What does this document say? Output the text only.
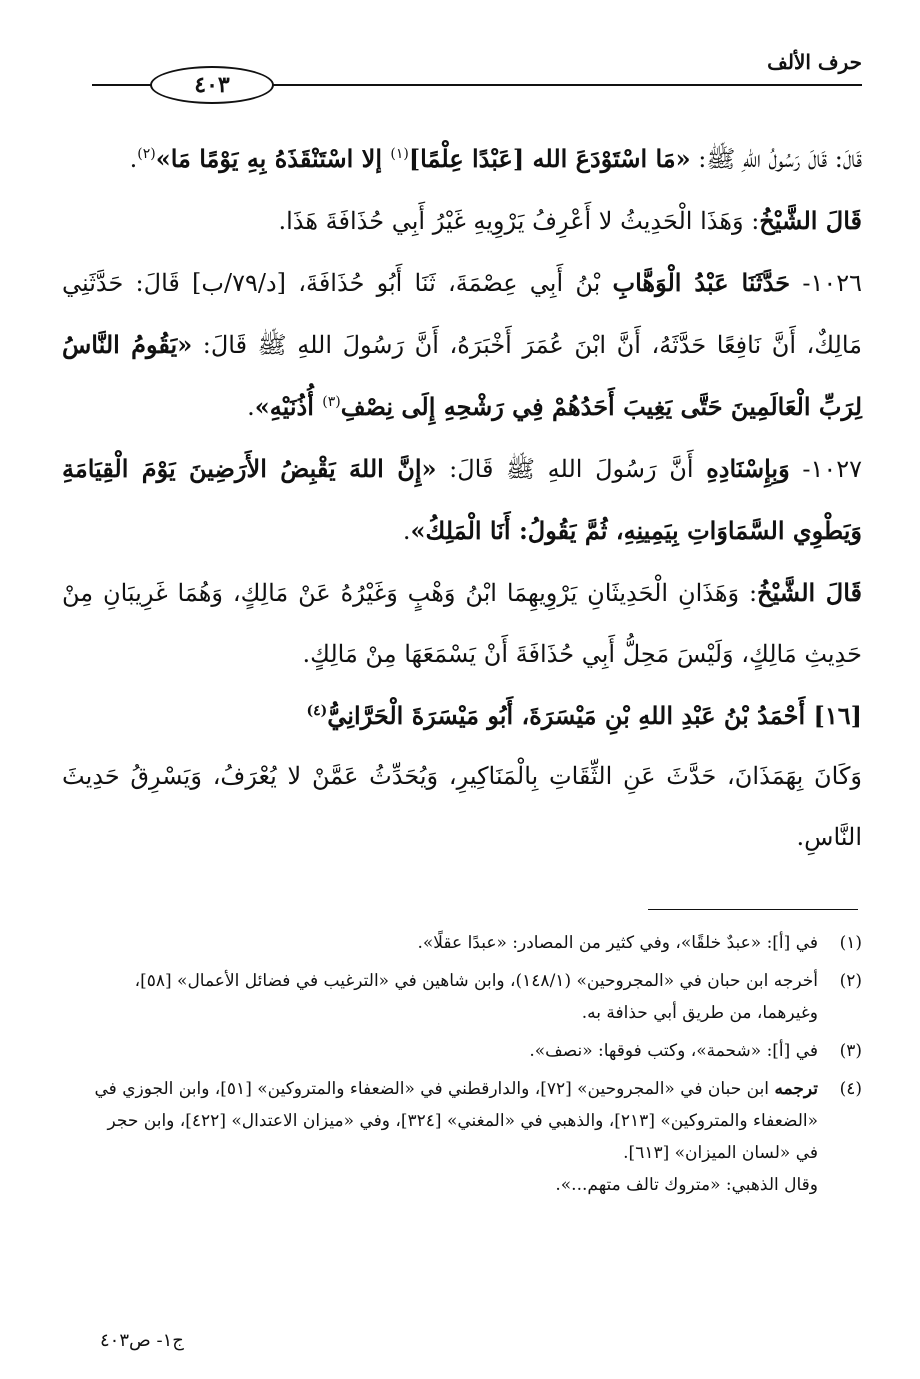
حرف الألف
٤٠٣

قَالَ: قَالَ رَسُولُ اللهِ ﷺ: «مَا اسْتَوْدَعَ الله [عَبْدًا عِلْمًا]$^{(١)}$ إلا اسْتَنْقَذَهُ بِهِ يَوْمًا مَا»$^{(٢)}$.

قَالَ الشَّيْخُ: وَهَذَا الْحَدِيثُ لا أَعْرِفُ يَرْوِيهِ غَيْرُ أَبِي حُذَافَةَ هَذَا.

١٠٢٦- حَدَّثَنَا عَبْدُ الْوَهَّابِ بْنُ أَبِي عِصْمَةَ، ثَنَا أَبُو حُذَافَةَ، [د/٧٩/ب] قَالَ: حَدَّثَنِي مَالِكٌ، أَنَّ نَافِعًا حَدَّثَهُ، أَنَّ ابْنَ عُمَرَ أَخْبَرَهُ، أَنَّ رَسُولَ اللهِ ﷺ قَالَ: «يَقُومُ النَّاسُ لِرَبِّ الْعَالَمِينَ حَتَّى يَغِيبَ أَحَدُهُمْ فِي رَشْحِهِ إِلَى نِصْفِ$^{(٣)}$ أُذُنَيْهِ».

١٠٢٧- وَبِإِسْنَادِهِ أَنَّ رَسُولَ اللهِ ﷺ قَالَ: «إِنَّ اللهَ يَقْبِضُ الأَرَضِينَ يَوْمَ الْقِيَامَةِ وَيَطْوِي السَّمَاوَاتِ بِيَمِينِهِ، ثُمَّ يَقُولُ: أَنَا الْمَلِكُ».

قَالَ الشَّيْخُ: وَهَذَانِ الْحَدِيثَانِ يَرْوِيهِمَا ابْنُ وَهْبٍ وَغَيْرُهُ عَنْ مَالِكٍ، وَهُمَا غَرِيبَانِ مِنْ حَدِيثِ مَالِكٍ، وَلَيْسَ مَحِلُّ أَبِي حُذَافَةَ أَنْ يَسْمَعَهَا مِنْ مَالِكٍ.

[١٦] أَحْمَدُ بْنُ عَبْدِ اللهِ بْنِ مَيْسَرَةَ، أَبُو مَيْسَرَةَ الْحَرَّانِيُّ$^{(٤)}$

وَكَانَ بِهَمَذَانَ، حَدَّثَ عَنِ الثِّقَاتِ بِالْمَنَاكِيرِ، وَيُحَدِّثُ عَمَّنْ لا يُعْرَفُ، وَيَسْرِقُ حَدِيثَ النَّاسِ.

(١)
في [أ]: «عبدٌ خلقًا»، وفي كثير من المصادر: «عبدًا عقلًا».
(٢)
أخرجه ابن حبان في «المجروحين» (١٤٨/١)، وابن شاهين في «الترغيب في فضائل الأعمال» [٥٨]، وغيرهما، من طريق أبي حذافة به.
(٣)
في [أ]: «شحمة»، وكتب فوقها: «نصف».
(٤)
ترجمه ابن حبان في «المجروحين» [٧٢]، والدارقطني في «الضعفاء والمتروكين» [٥١]، وابن الجوزي في «الضعفاء والمتروكين» [٢١٣]، والذهبي في «المغني» [٣٢٤]، وفي «ميزان الاعتدال» [٤٢٢]، وابن حجر في «لسان الميزان» [٦١٣].
وقال الذهبي: «متروك تالف متهم...».
ج١- ص٤٠٣
